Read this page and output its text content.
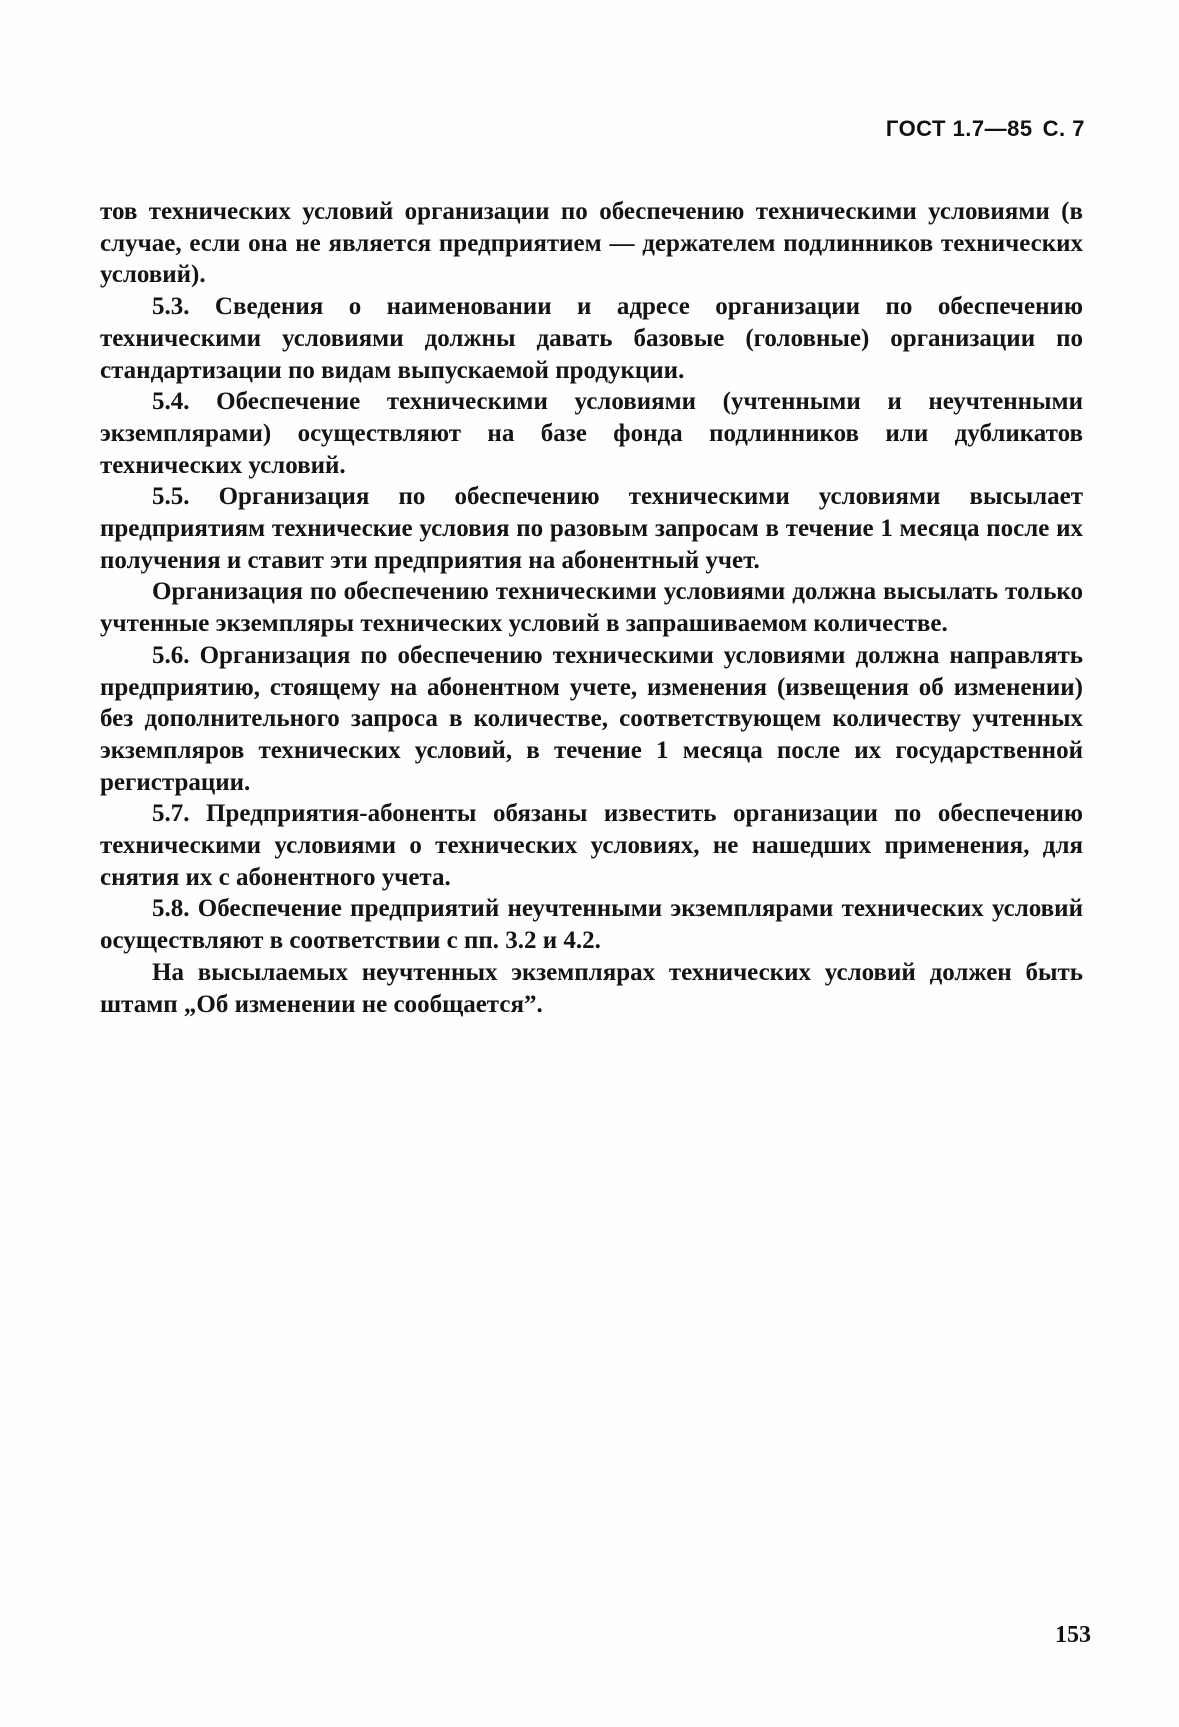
ГОСТ 1.7—85 С. 7

тов технических условий организации по обеспечению техническими условиями (в случае, если она не является предприятием — держателем подлинников технических условий).

5.3. Сведения о наименовании и адресе организации по обеспечению техническими условиями должны давать базовые (головные) организации по стандартизации по видам выпускаемой продукции.

5.4. Обеспечение техническими условиями (учтенными и неучтенными экземплярами) осуществляют на базе фонда подлинников или дубликатов технических условий.

5.5. Организация по обеспечению техническими условиями высылает предприятиям технические условия по разовым запросам в течение 1 месяца после их получения и ставит эти предприятия на абонентный учет.

Организация по обеспечению техническими условиями должна высылать только учтенные экземпляры технических условий в запрашиваемом количестве.

5.6. Организация по обеспечению техническими условиями должна направлять предприятию, стоящему на абонентном учете, изменения (извещения об изменении) без дополнительного запроса в количестве, соответствующем количеству учтенных экземпляров технических условий, в течение 1 месяца после их государственной регистрации.

5.7. Предприятия-абоненты обязаны известить организации по обеспечению техническими условиями о технических условиях, не нашедших применения, для снятия их с абонентного учета.

5.8. Обеспечение предприятий неучтенными экземплярами технических условий осуществляют в соответствии с пп. 3.2 и 4.2.

На высылаемых неучтенных экземплярах технических условий должен быть штамп „Об изменении не сообщается”.

153
